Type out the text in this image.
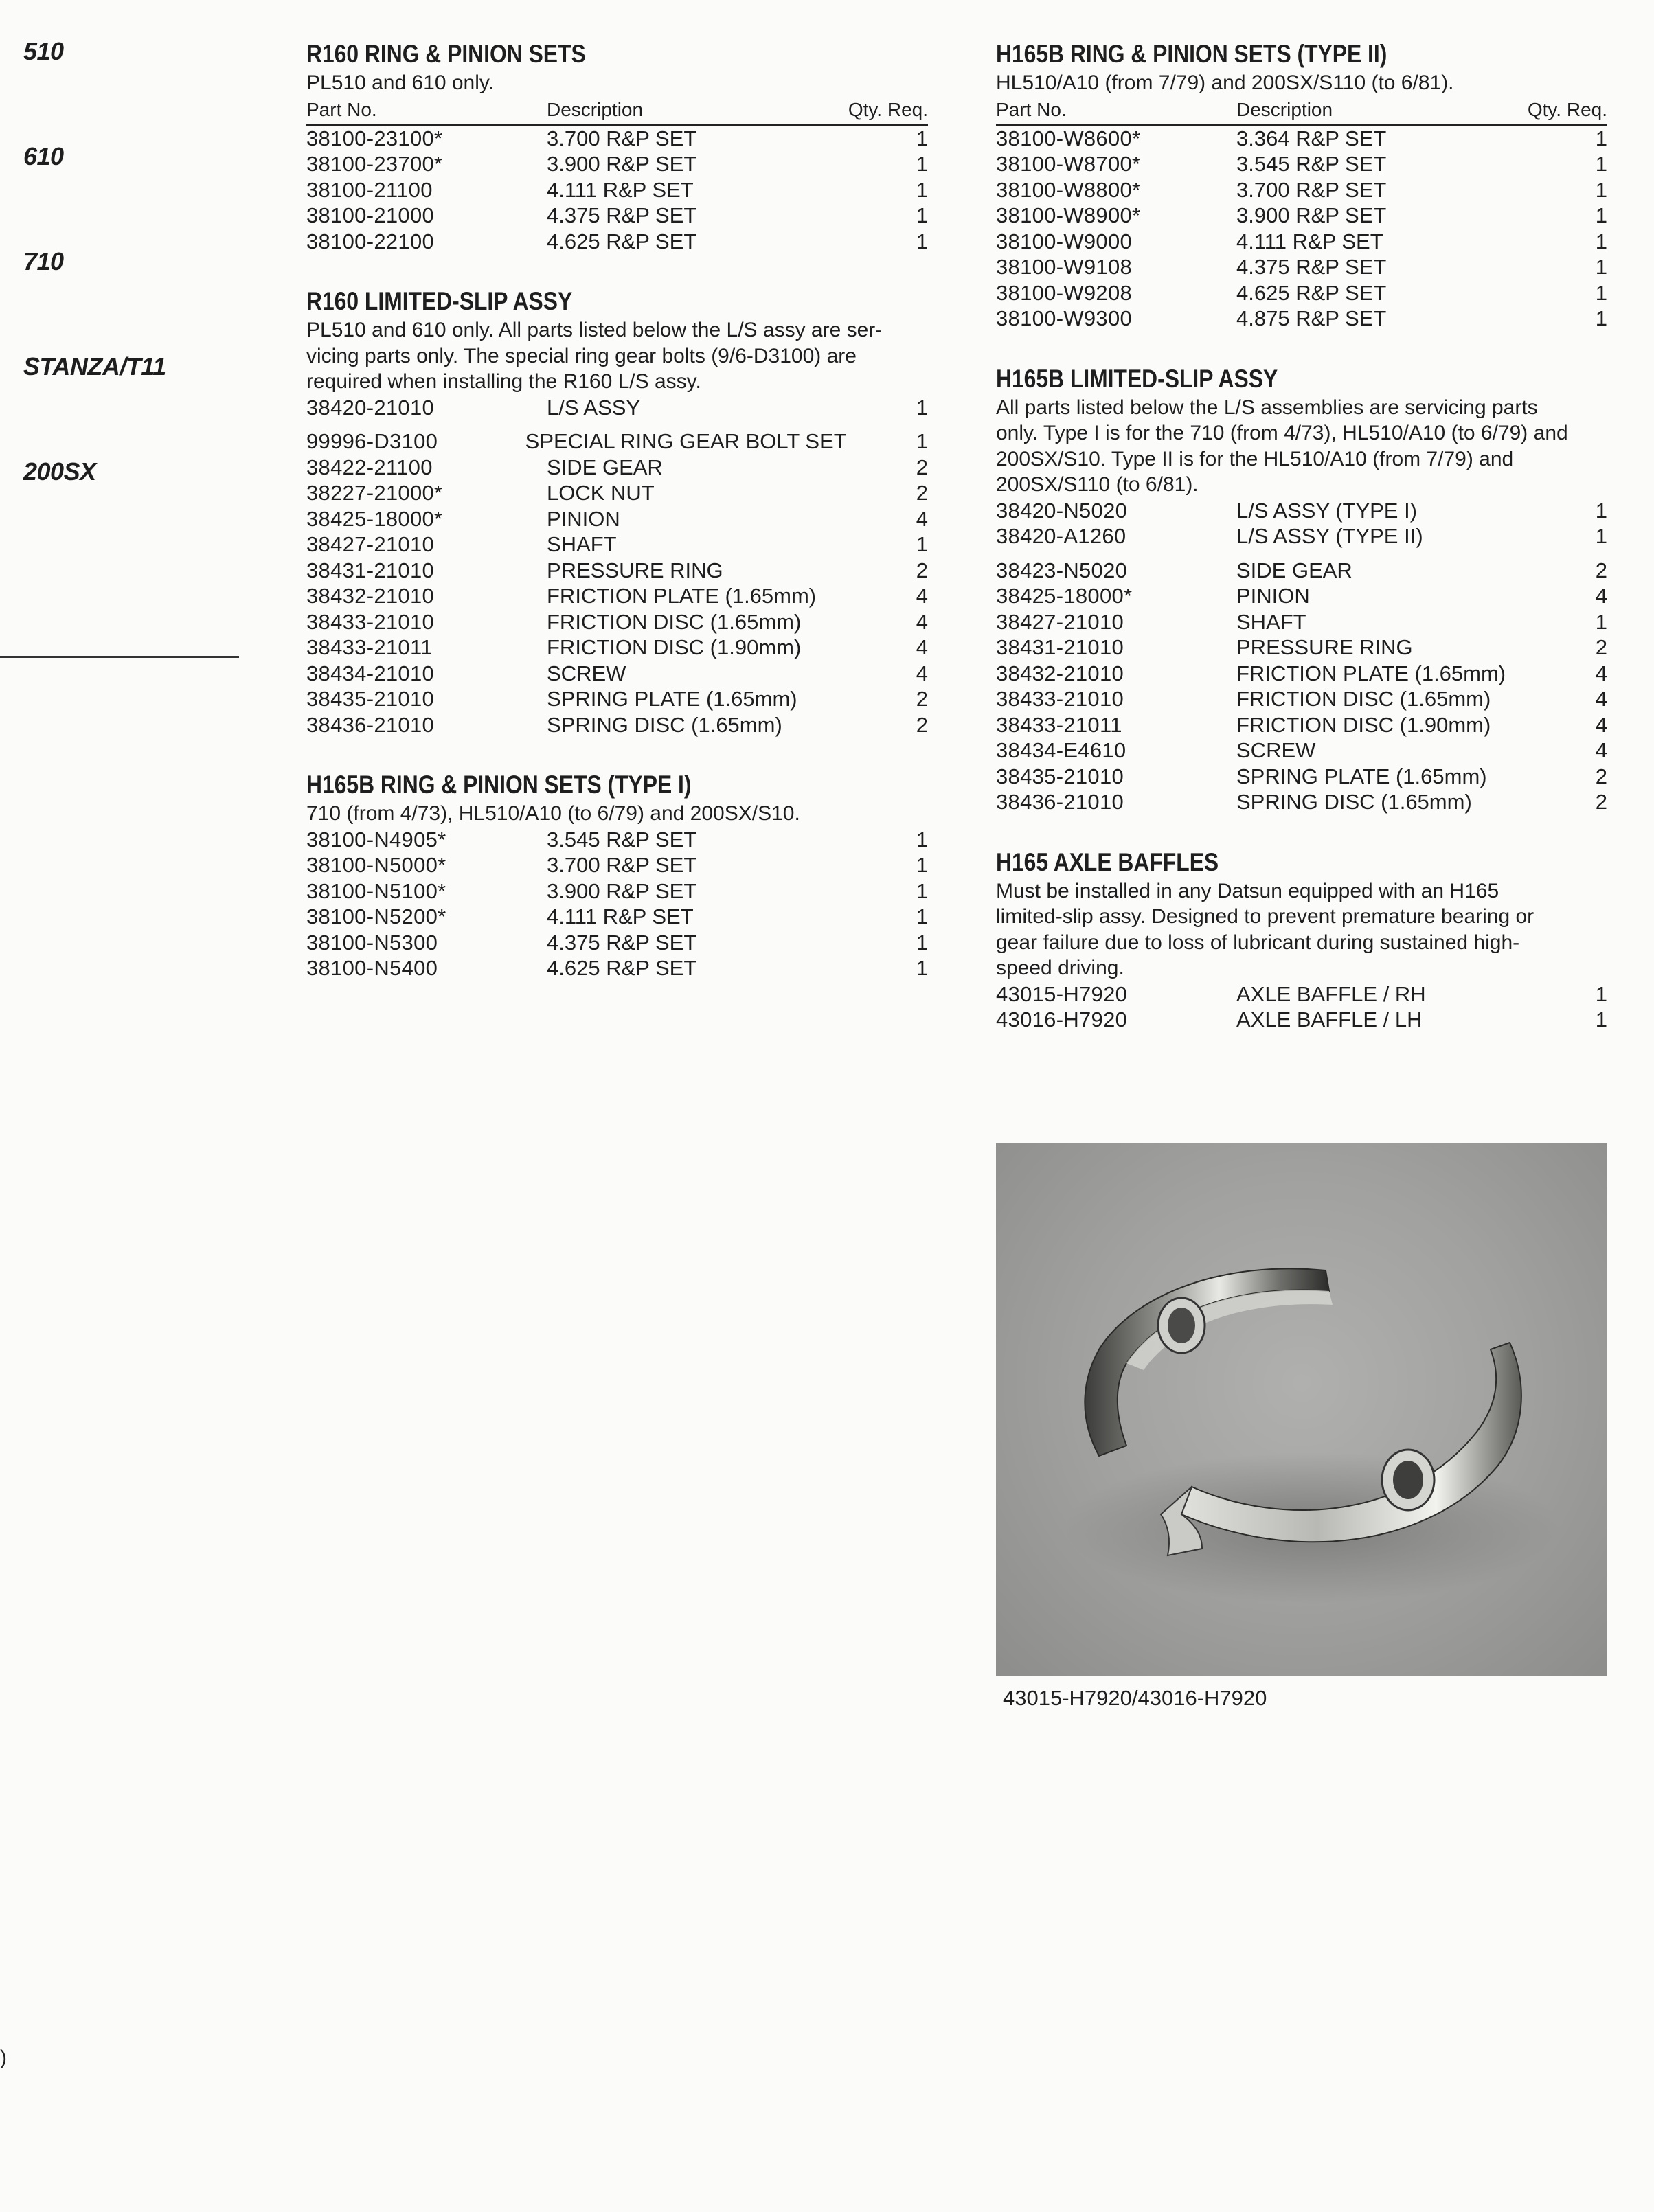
510
610
710
STANZA/T11
200SX
R160 RING & PINION SETS
PL510 and 610 only.
Part No.	Description	Qty. Req.
38100-23100*	3.700 R&P SET	1
38100-23700*	3.900 R&P SET	1
38100-21100	4.111 R&P SET	1
38100-21000	4.375 R&P SET	1
38100-22100	4.625 R&P SET	1
R160 LIMITED-SLIP ASSY
PL510 and 610 only. All parts listed below the L/S assy are ser-
vicing parts only. The special ring gear bolts (9/6-D3100) are
required when installing the R160 L/S assy.
38420-21010	L/S ASSY	1
99996-D3100	SPECIAL RING GEAR BOLT SET	1
38422-21100	SIDE GEAR	2
38227-21000*	LOCK NUT	2
38425-18000*	PINION	4
38427-21010	SHAFT	1
38431-21010	PRESSURE RING	2
38432-21010	FRICTION PLATE (1.65mm)	4
38433-21010	FRICTION DISC (1.65mm)	4
38433-21011	FRICTION DISC (1.90mm)	4
38434-21010	SCREW	4
38435-21010	SPRING PLATE (1.65mm)	2
38436-21010	SPRING DISC (1.65mm)	2
H165B RING & PINION SETS (TYPE I)
710 (from 4/73), HL510/A10 (to 6/79) and 200SX/S10.
38100-N4905*	3.545 R&P SET	1
38100-N5000*	3.700 R&P SET	1
38100-N5100*	3.900 R&P SET	1
38100-N5200*	4.111 R&P SET	1
38100-N5300	4.375 R&P SET	1
38100-N5400	4.625 R&P SET	1
H165B RING & PINION SETS (TYPE II)
HL510/A10 (from 7/79) and 200SX/S110 (to 6/81).
Part No.	Description	Qty. Req.
38100-W8600*	3.364 R&P SET	1
38100-W8700*	3.545 R&P SET	1
38100-W8800*	3.700 R&P SET	1
38100-W8900*	3.900 R&P SET	1
38100-W9000	4.111 R&P SET	1
38100-W9108	4.375 R&P SET	1
38100-W9208	4.625 R&P SET	1
38100-W9300	4.875 R&P SET	1
H165B LIMITED-SLIP ASSY
All parts listed below the L/S assemblies are servicing parts
only. Type I is for the 710 (from 4/73), HL510/A10 (to 6/79) and
200SX/S10. Type II is for the HL510/A10 (from 7/79) and
200SX/S110 (to 6/81).
38420-N5020	L/S ASSY (TYPE I)	1
38420-A1260	L/S ASSY (TYPE II)	1
38423-N5020	SIDE GEAR	2
38425-18000*	PINION	4
38427-21010	SHAFT	1
38431-21010	PRESSURE RING	2
38432-21010	FRICTION PLATE (1.65mm)	4
38433-21010	FRICTION DISC (1.65mm)	4
38433-21011	FRICTION DISC (1.90mm)	4
38434-E4610	SCREW	4
38435-21010	SPRING PLATE (1.65mm)	2
38436-21010	SPRING DISC (1.65mm)	2
H165 AXLE BAFFLES
Must be installed in any Datsun equipped with an H165
limited-slip assy. Designed to prevent premature bearing or
gear failure due to loss of lubricant during sustained high-
speed driving.
43015-H7920	AXLE BAFFLE / RH	1
43016-H7920	AXLE BAFFLE / LH	1
43015-H7920/43016-H7920
)
